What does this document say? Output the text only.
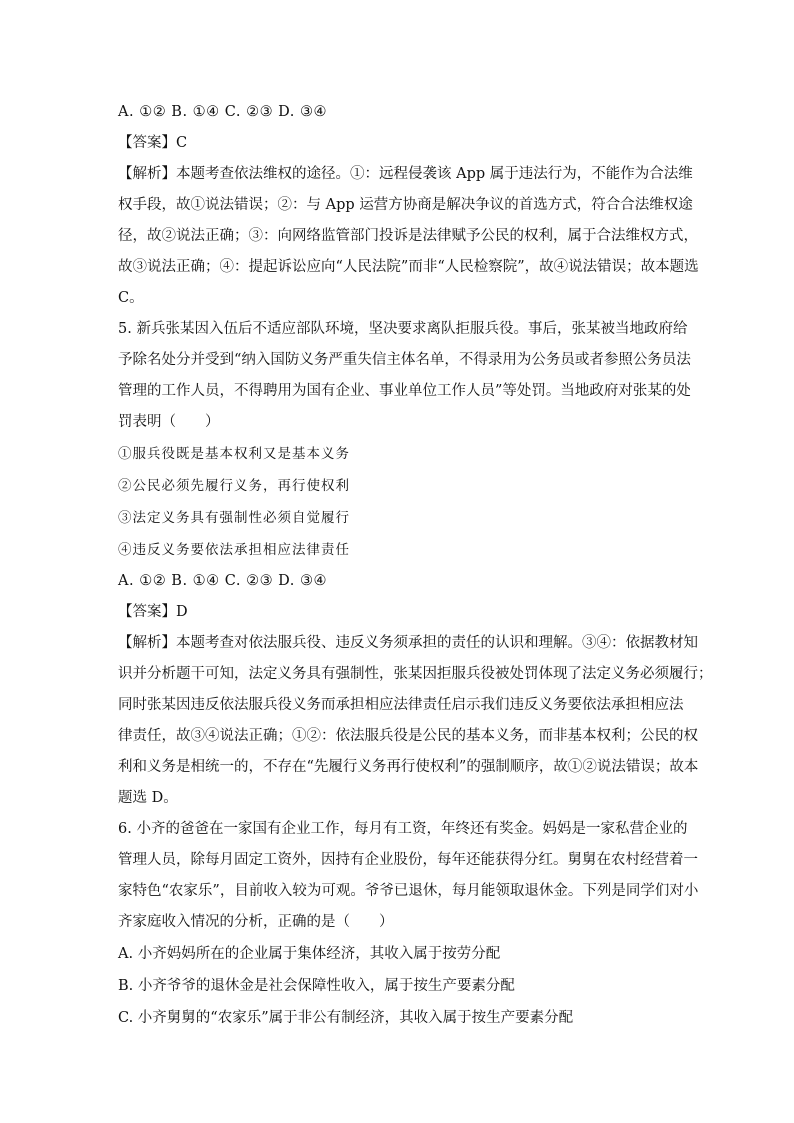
A. ①② B. ①④ C. ②③ D. ③④
【答案】C
【解析】本题考查依法维权的途径。①：远程侵袭该 App 属于违法行为，不能作为合法维
权手段，故①说法错误；②：与 App 运营方协商是解决争议的首选方式，符合合法维权途
径，故②说法正确；③：向网络监管部门投诉是法律赋予公民的权利，属于合法维权方式，
故③说法正确；④：提起诉讼应向“人民法院”而非“人民检察院”，故④说法错误；故本题选
C。
5. 新兵张某因入伍后不适应部队环境，坚决要求离队拒服兵役。事后，张某被当地政府给
予除名处分并受到“纳入国防义务严重失信主体名单，不得录用为公务员或者参照公务员法
管理的工作人员，不得聘用为国有企业、事业单位工作人员”等处罚。当地政府对张某的处
罚表明（　　）
①服兵役既是基本权利又是基本义务
②公民必须先履行义务，再行使权利
③法定义务具有强制性必须自觉履行
④违反义务要依法承担相应法律责任
A. ①② B. ①④ C. ②③ D. ③④
【答案】D
【解析】本题考查对依法服兵役、违反义务须承担的责任的认识和理解。③④：依据教材知
识并分析题干可知，法定义务具有强制性，张某因拒服兵役被处罚体现了法定义务必须履行；
同时张某因违反依法服兵役义务而承担相应法律责任启示我们违反义务要依法承担相应法
律责任，故③④说法正确；①②：依法服兵役是公民的基本义务，而非基本权利；公民的权
利和义务是相统一的，不存在“先履行义务再行使权利”的强制顺序，故①②说法错误；故本
题选 D。
6. 小齐的爸爸在一家国有企业工作，每月有工资，年终还有奖金。妈妈是一家私营企业的
管理人员，除每月固定工资外，因持有企业股份，每年还能获得分红。舅舅在农村经营着一
家特色“农家乐”，目前收入较为可观。爷爷已退休，每月能领取退休金。下列是同学们对小
齐家庭收入情况的分析，正确的是（　　）
A. 小齐妈妈所在的企业属于集体经济，其收入属于按劳分配
B. 小齐爷爷的退休金是社会保障性收入，属于按生产要素分配
C. 小齐舅舅的“农家乐”属于非公有制经济，其收入属于按生产要素分配
